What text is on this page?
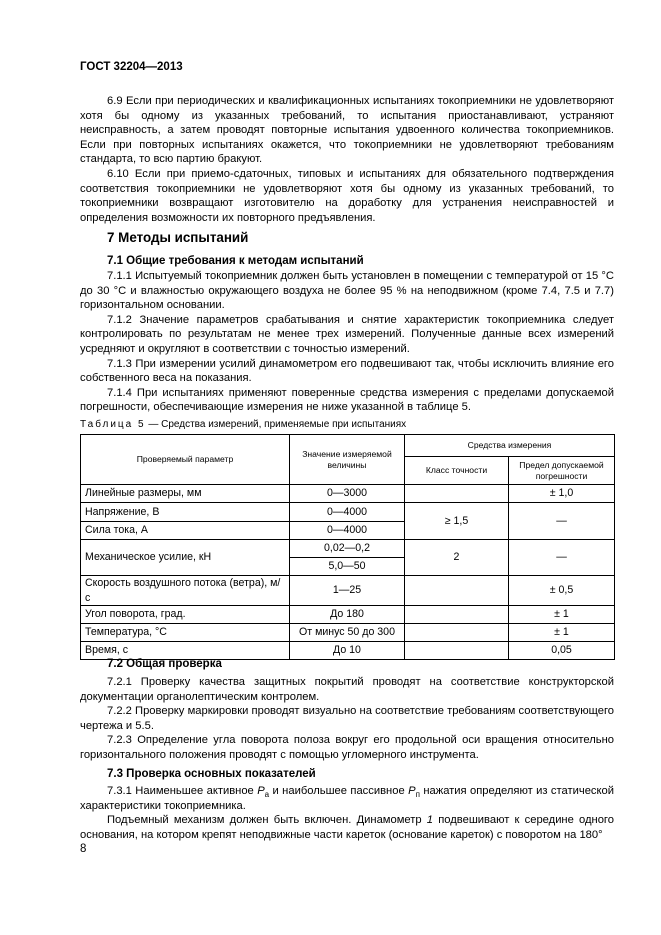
ГОСТ 32204—2013

6.9 Если при периодических и квалификационных испытаниях токоприемники не удовлетворяют хотя бы одному из указанных требований, то испытания приостанавливают, устраняют неисправность, а затем проводят повторные испытания удвоенного количества токоприемников. Если при повторных испытаниях окажется, что токоприемники не удовлетворяют требованиям стандарта, то всю партию бракуют.

6.10 Если при приемо-сдаточных, типовых и испытаниях для обязательного подтверждения соответствия токоприемники не удовлетворяют хотя бы одному из указанных требований, то токоприемники возвращают изготовителю на доработку для устранения неисправностей и определения возможности их повторного предъявления.

7 Методы испытаний
7.1 Общие требования к методам испытаний

7.1.1 Испытуемый токоприемник должен быть установлен в помещении с температурой от 15 °C до 30 °C и влажностью окружающего воздуха не более 95 % на неподвижном (кроме 7.4, 7.5 и 7.7) горизонтальном основании.

7.1.2 Значение параметров срабатывания и снятие характеристик токоприемника следует контролировать по результатам не менее трех измерений. Полученные данные всех измерений усредняют и округляют в соответствии с точностью измерений.

7.1.3 При измерении усилий динамометром его подвешивают так, чтобы исключить влияние его собственного веса на показания.

7.1.4 При испытаниях применяют поверенные средства измерения с пределами допускаемой погрешности, обеспечивающие измерения не ниже указанной в таблице 5.

Таблица 5 — Средства измерений, применяемые при испытаниях
Проверяемый параметр	Значение измеряемой величины	Средства измерения	
		Класс точности	Предел допускаемой погрешности
Линейные размеры, мм	0—3000		± 1,0
Напряжение, В	0—4000	≥ 1,5	—
Сила тока, А	0—4000		
Механическое усилие, кН	0,02—0,2	2	—
	5,0—50		
Скорость воздушного потока (ветра), м/с	1—25		± 0,5
Угол поворота, град.	До 180		± 1
Температура, °C	От минус 50 до 300		± 1
Время, с	До 10		0,05
7.2 Общая проверка

7.2.1 Проверку качества защитных покрытий проводят на соответствие конструкторской документации органолептическим контролем.

7.2.2 Проверку маркировки проводят визуально на соответствие требованиям соответствующего чертежа и 5.5.

7.2.3 Определение угла поворота полоза вокруг его продольной оси вращения относительно горизонтального положения проводят с помощью угломерного инструмента.

7.3 Проверка основных показателей

7.3.1 Наименьшее активное $P_а$ и наибольшее пассивное $P_п$ нажатия определяют из статической характеристики токоприемника.

Подъемный механизм должен быть включен. Динамометр 1 подвешивают к середине одного основания, на котором крепят неподвижные части кареток (основание кареток) с поворотом на 180°

8
